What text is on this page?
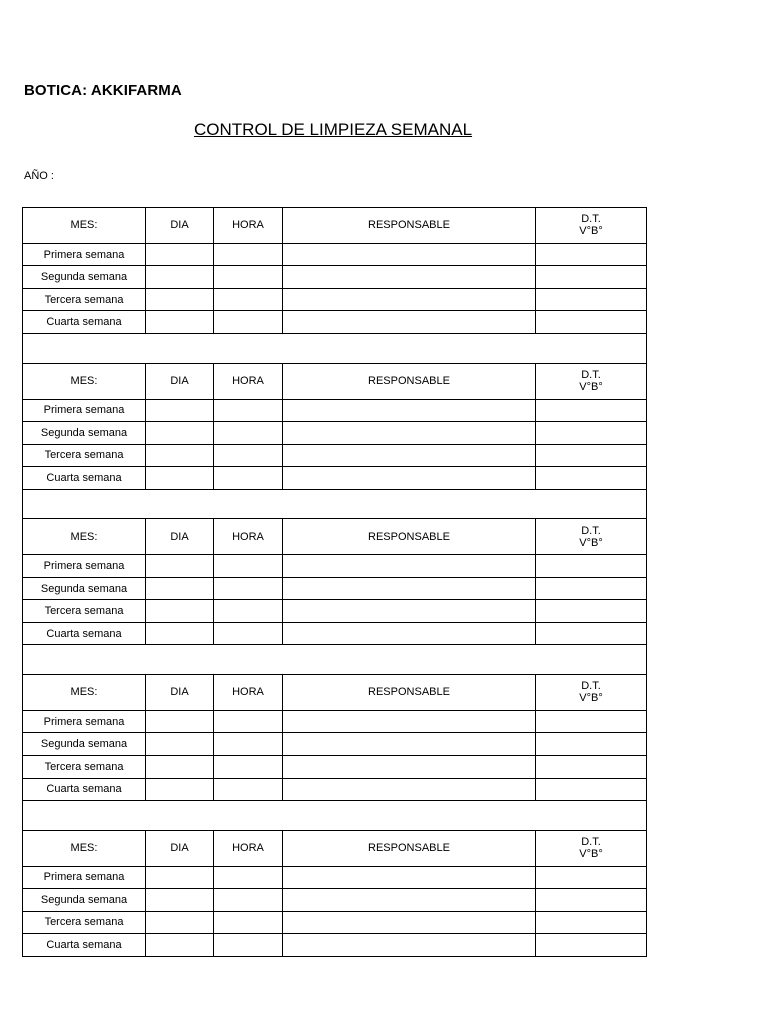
BOTICA: AKKIFARMA
CONTROL DE LIMPIEZA SEMANAL
AÑO :
MES:	DIA	HORA	RESPONSABLE	D.T.
V°B°

Primera semana				
Segunda semana				
Tercera semana				
Cuarta semana				

MES:	DIA	HORA	RESPONSABLE	D.T.
V°B°

Primera semana				
Segunda semana				
Tercera semana				
Cuarta semana				

MES:	DIA	HORA	RESPONSABLE	D.T.
V°B°

Primera semana				
Segunda semana				
Tercera semana				
Cuarta semana				

MES:	DIA	HORA	RESPONSABLE	D.T.
V°B°

Primera semana				
Segunda semana				
Tercera semana				
Cuarta semana				

MES:	DIA	HORA	RESPONSABLE	D.T.
V°B°

Primera semana				
Segunda semana				
Tercera semana				
Cuarta semana				
